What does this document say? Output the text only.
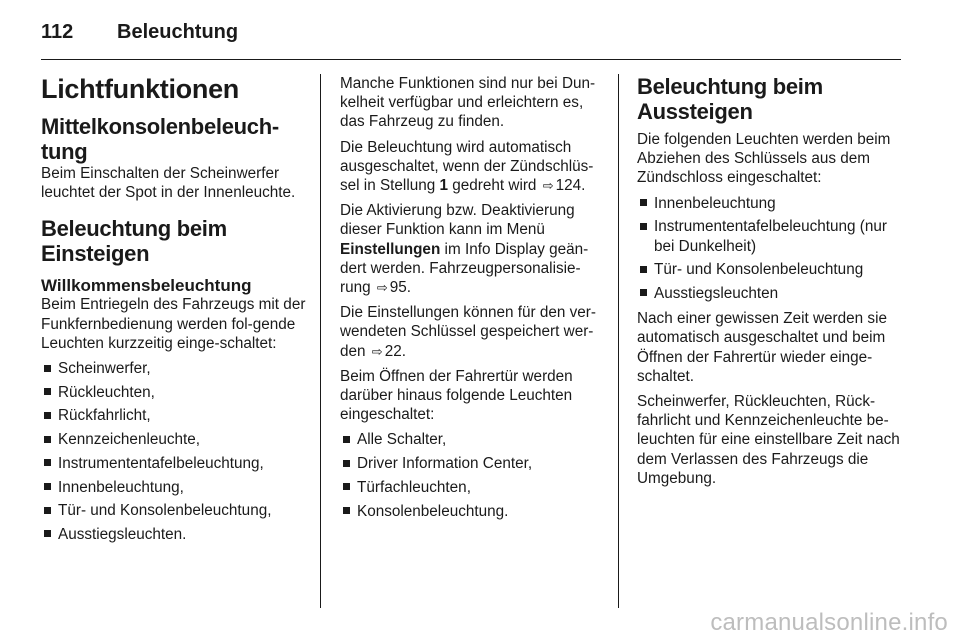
112 Beleuchtung
Lichtfunktionen
Mittelkonsolenbeleuch-
tung

Beim Einschalten der Scheinwerfer leuchtet der Spot in der Innenleuchte.

Beleuchtung beim Einsteigen
Willkommensbeleuchtung

Beim Entriegeln des Fahrzeugs mit der Funkfernbedienung werden fol-gende Leuchten kurzzeitig einge-schaltet:

Scheinwerfer,
Rückleuchten,
Rückfahrlicht,
Kennzeichenleuchte,
Instrumententafelbeleuchtung,
Innenbeleuchtung,
Tür- und Konsolenbeleuchtung,
Ausstiegsleuchten.

Manche Funktionen sind nur bei Dun-kelheit verfügbar und erleichtern es, das Fahrzeug zu finden.

Die Beleuchtung wird automatisch ausgeschaltet, wenn der Zündschlüs-sel in Stellung 1 gedreht wird ⇨ 124.

Die Aktivierung bzw. Deaktivierung dieser Funktion kann im Menü Einstellungen im Info Display geän-dert werden. Fahrzeugpersonalisie-rung ⇨ 95.

Die Einstellungen können für den ver-wendeten Schlüssel gespeichert wer-den ⇨ 22.

Beim Öffnen der Fahrertür werden darüber hinaus folgende Leuchten eingeschaltet:

Alle Schalter,
Driver Information Center,
Türfachleuchten,
Konsolenbeleuchtung.
Beleuchtung beim Aussteigen

Die folgenden Leuchten werden beim Abziehen des Schlüssels aus dem Zündschloss eingeschaltet:

Innenbeleuchtung
Instrumententafelbeleuchtung (nur bei Dunkelheit)
Tür- und Konsolenbeleuchtung
Ausstiegsleuchten

Nach einer gewissen Zeit werden sie automatisch ausgeschaltet und beim Öffnen der Fahrertür wieder einge-schaltet.

Scheinwerfer, Rückleuchten, Rück-fahrlicht und Kennzeichenleuchte be-leuchten für eine einstellbare Zeit nach dem Verlassen des Fahrzeugs die Umgebung.

carmanualsonline.info
